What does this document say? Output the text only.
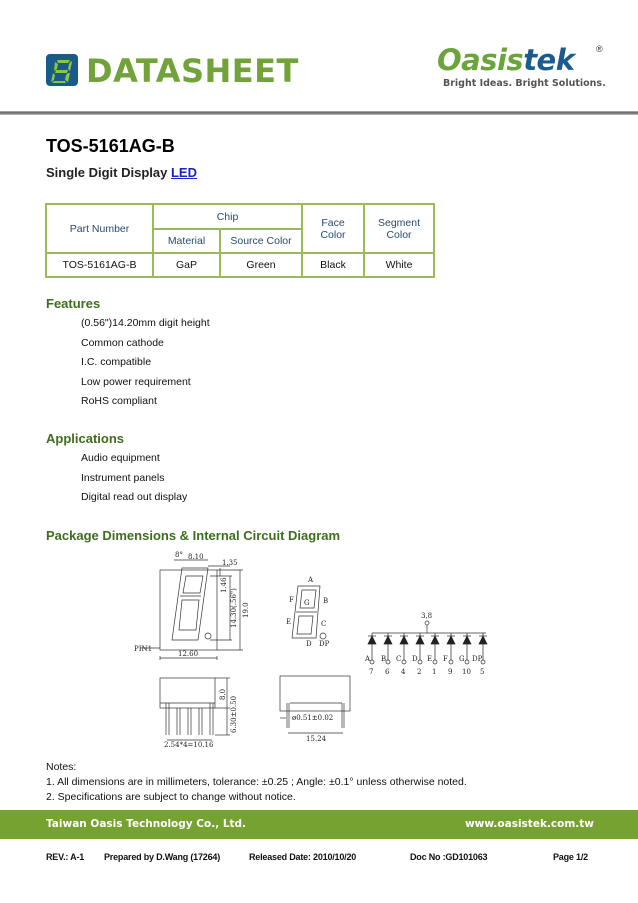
DATASHEET	Oasistek	®
Bright Ideas. Bright Solutions.
TOS-5161AG-B
Single Digit Display LED
Part Number	Chip		Face Color	Segment Color
	Material	Source Color		
TOS-5161AG-B	GaP	Green	Black	White
Features
(0.56")14.20mm digit height
Common cathode
I.C. compatible
Low power requirement
RoHS compliant
Applications
Audio equipment
Instrument panels
Digital read out display
Package Dimensions & Internal Circuit Diagram
8° 8.10
1.35
1.46
14.30(.56") 19.0
PIN1
12.60
8.0
6.30±0.50
2.54*4=10.16
ø0.51±0.02
15.24
A
B
C
D
E
F G
DP
3,8
A B C D E F G DP
7 6 4 2 1 9 10 5
Notes:
1. All dimensions are in millimeters, tolerance: ±0.25 ; Angle: ±0.1° unless otherwise noted.
2. Specifications are subject to change without notice.
Taiwan Oasis Technology Co., Ltd.	www.oasistek.com.tw
REV.: A-1 Prepared by D.Wang (17264)	Released Date: 2010/10/20	Doc No :GD101063	Page 1/2
